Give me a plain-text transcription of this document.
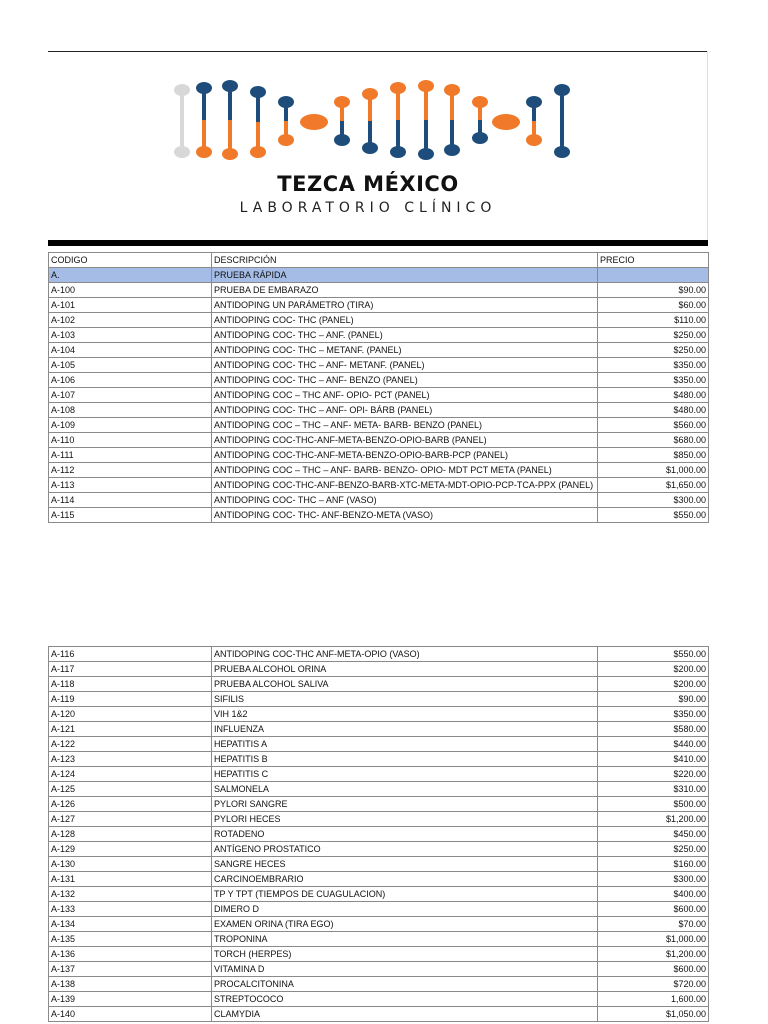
TEZCA MÉXICO
LABORATORIO CLÍNICO
CODIGO	DESCRIPCIÓN	PRECIO
A.	PRUEBA RÁPIDA	
A-100	PRUEBA DE EMBARAZO	$90.00
A-101	ANTIDOPING UN PARÁMETRO (TIRA)	$60.00
A-102	ANTIDOPING COC- THC (PANEL)	$110.00
A-103	ANTIDOPING COC- THC – ANF. (PANEL)	$250.00
A-104	ANTIDOPING COC- THC – METANF. (PANEL)	$250.00
A-105	ANTIDOPING COC- THC – ANF- METANF. (PANEL)	$350.00
A-106	ANTIDOPING COC- THC – ANF- BENZO (PANEL)	$350.00
A-107	ANTIDOPING COC – THC ANF- OPIO- PCT (PANEL)	$480.00
A-108	ANTIDOPING COC- THC – ANF- OPI- BÁRB (PANEL)	$480.00
A-109	ANTIDOPING COC – THC – ANF- META- BARB- BENZO (PANEL)	$560.00
A-110	ANTIDOPING COC-THC-ANF-META-BENZO-OPIO-BARB (PANEL)	$680.00
A-111	ANTIDOPING COC-THC-ANF-META-BENZO-OPIO-BARB-PCP (PANEL)	$850.00
A-112	ANTIDOPING COC – THC – ANF- BARB- BENZO- OPIO- MDT PCT META (PANEL)	$1,000.00
A-113	ANTIDOPING COC-THC-ANF-BENZO-BARB-XTC-META-MDT-OPIO-PCP-TCA-PPX (PANEL)	$1,650.00
A-114	ANTIDOPING COC- THC – ANF (VASO)	$300.00
A-115	ANTIDOPING COC- THC- ANF-BENZO-META (VASO)	$550.00
A-116	ANTIDOPING COC-THC ANF-META-OPIO (VASO)	$550.00
A-117	PRUEBA ALCOHOL ORINA	$200.00
A-118	PRUEBA ALCOHOL SALIVA	$200.00
A-119	SIFILIS	$90.00
A-120	VIH 1&2	$350.00
A-121	INFLUENZA	$580.00
A-122	HEPATITIS A	$440.00
A-123	HEPATITIS B	$410.00
A-124	HEPATITIS C	$220.00
A-125	SALMONELA	$310.00
A-126	PYLORI SANGRE	$500.00
A-127	PYLORI HECES	$1,200.00
A-128	ROTADENO	$450.00
A-129	ANTÍGENO PROSTATICO	$250.00
A-130	SANGRE HECES	$160.00
A-131	CARCINOEMBRARIO	$300.00
A-132	TP Y TPT (TIEMPOS DE CUAGULACION)	$400.00
A-133	DIMERO D	$600.00
A-134	EXAMEN ORINA (TIRA EGO)	$70.00
A-135	TROPONINA	$1,000.00
A-136	TORCH (HERPES)	$1,200.00
A-137	VITAMINA D	$600.00
A-138	PROCALCITONINA	$720.00
A-139	STREPTOCOCO	1,600.00
A-140	CLAMYDIA	$1,050.00
